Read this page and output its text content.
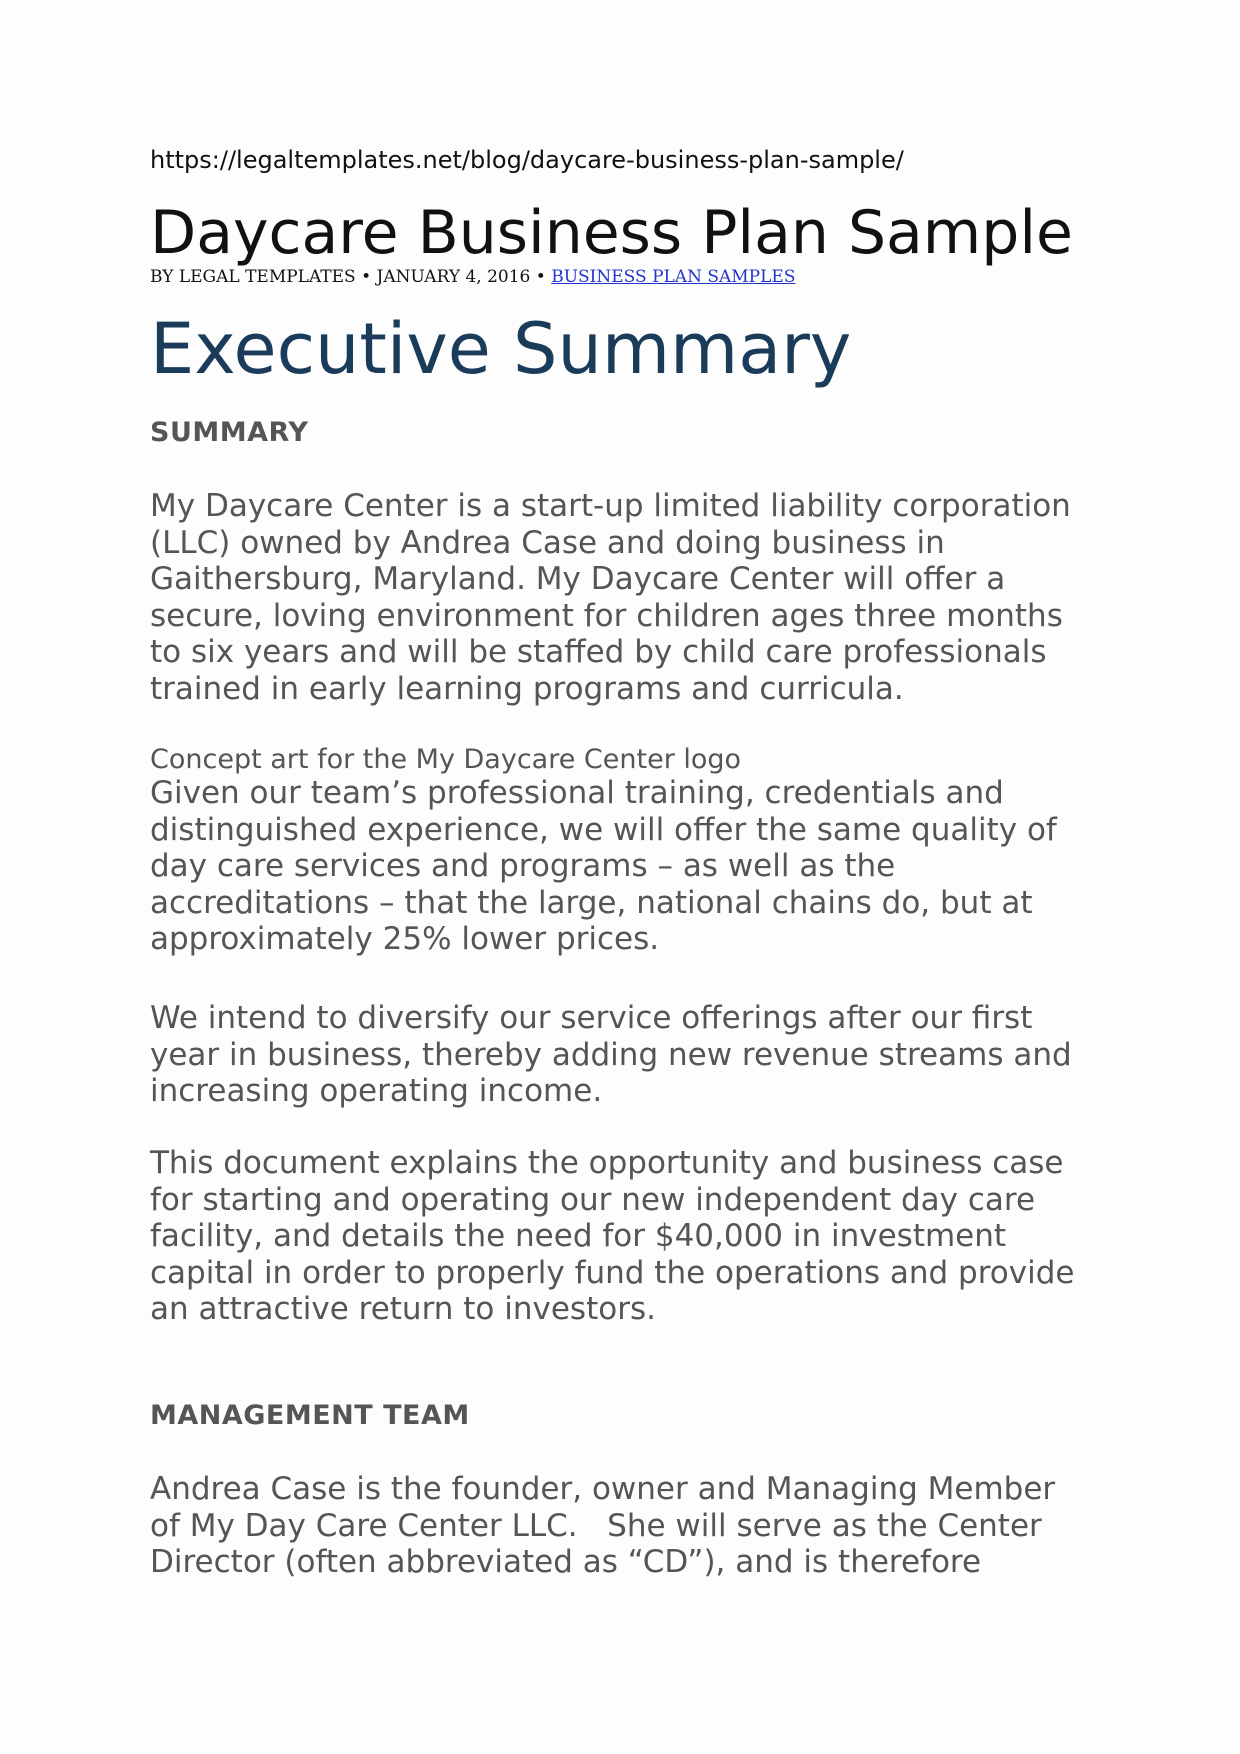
https://legaltemplates.net/blog/daycare-business-plan-sample/
Daycare Business Plan Sample
BY LEGAL TEMPLATES • JANUARY 4, 2016 • BUSINESS PLAN SAMPLES
Executive Summary
SUMMARY
My Daycare Center is a start-up limited liability corporation
(LLC) owned by Andrea Case and doing business in
Gaithersburg, Maryland. My Daycare Center will offer a
secure, loving environment for children ages three months
to six years and will be staffed by child care professionals
trained in early learning programs and curricula.
Concept art for the My Daycare Center logo
Given our team’s professional training, credentials and
distinguished experience, we will offer the same quality of
day care services and programs – as well as the
accreditations – that the large, national chains do, but at
approximately 25% lower prices.
We intend to diversify our service offerings after our first
year in business, thereby adding new revenue streams and
increasing operating income.
This document explains the opportunity and business case
for starting and operating our new independent day care
facility, and details the need for $40,000 in investment
capital in order to properly fund the operations and provide
an attractive return to investors.
MANAGEMENT TEAM
Andrea Case is the founder, owner and Managing Member
of My Day Care Center LLC.   She will serve as the Center
Director (often abbreviated as “CD”), and is therefore
